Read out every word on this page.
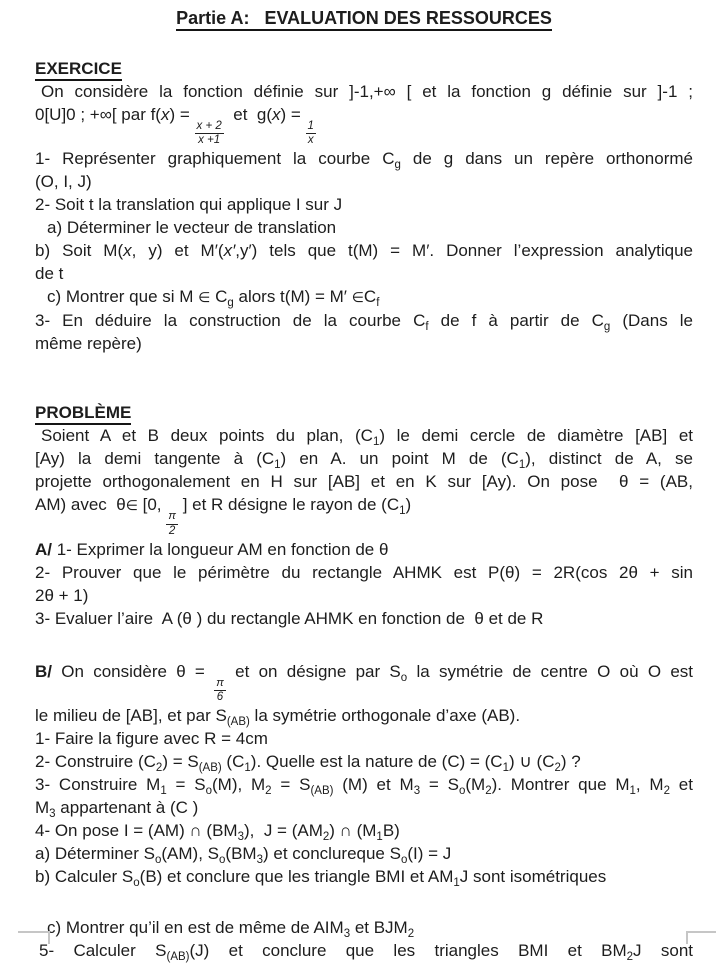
Partie A:   EVALUATION DES RESSOURCES
EXERCICE
On considère la fonction définie sur ]-1,+∞ [ et la fonction g définie sur ]-1 ;
0[U]0 ; +∞[ par f(x) =
$\frac{x + 2}{x +1}$
et  g(x) =
$\frac{1}{x}$
1- Représenter graphiquement la courbe $C_g$ de g dans un repère orthonormé
(O, I, J)
2- Soit t la translation qui applique I sur J
a) Déterminer le vecteur de translation
b) Soit M(x, y) et M′(x′,y′) tels que t(M) = M′. Donner l’expression analytique
de t
c) Montrer que si M ∈ $C_g$ alors t(M) = M′ $\in C_f$
3- En déduire la construction de la courbe $C_f$ de f à partir de $C_g$ (Dans le
même repère)
PROBLÈME
Soient A et B deux points du plan, $(C_1)$ le demi cercle de diamètre [AB] et
[Ay) la demi tangente à $(C_1)$ en A. un point M de $(C_1)$, distinct de A, se
projette orthogonalement en H sur [AB] et en K sur [Ay). On pose  θ = (AB,
AM) avec  θ∈ [0,
$\frac{\pi}{2}$
] et R désigne le rayon de $(C_1)$
A/ 1- Exprimer la longueur AM en fonction de θ
2- Prouver que le périmètre du rectangle AHMK est P(θ) = 2R(cos 2θ + sin
2θ + 1)
3- Evaluer l’aire  A (θ ) du rectangle AHMK en fonction de  θ et de R
B/ On considère θ =
$\frac{\pi}{6}$
et on désigne par $S_o$ la symétrie de centre O où O est
le milieu de [AB], et par $S_{(AB)}$ la symétrie orthogonale d’axe (AB).
1- Faire la figure avec R = 4cm
2- Construire $(C_2) = S_{(AB)}$ $(C_1)$. Quelle est la nature de $(C) = (C_1)$ ∪ $(C_2)$ ?
3- Construire $M_1 = S_o(M)$, $M_2 = S_{(AB)}$ (M) et $M_3 = S_o(M_2)$. Montrer que $M_1$, $M_2$ et
$M_3$ appartenant à (C )
4- On pose I = (AM) ∩ $(BM_3)$,  $J = (AM_2)$ ∩ $(M_1B)$
a) Déterminer $S_o(AM)$, $S_o(BM_3)$ et conclureque $S_o(I) = J$
b) Calculer $S_o(B)$ et conclure que les triangle BMI et $AM_1J$ sont isométriques
c) Montrer qu’il en est de même de $AIM_3$ et $BJM_2$
5- Calculer $S_{(AB)}(J)$ et conclure que les triangles BMI et $BM_2J$ sont
